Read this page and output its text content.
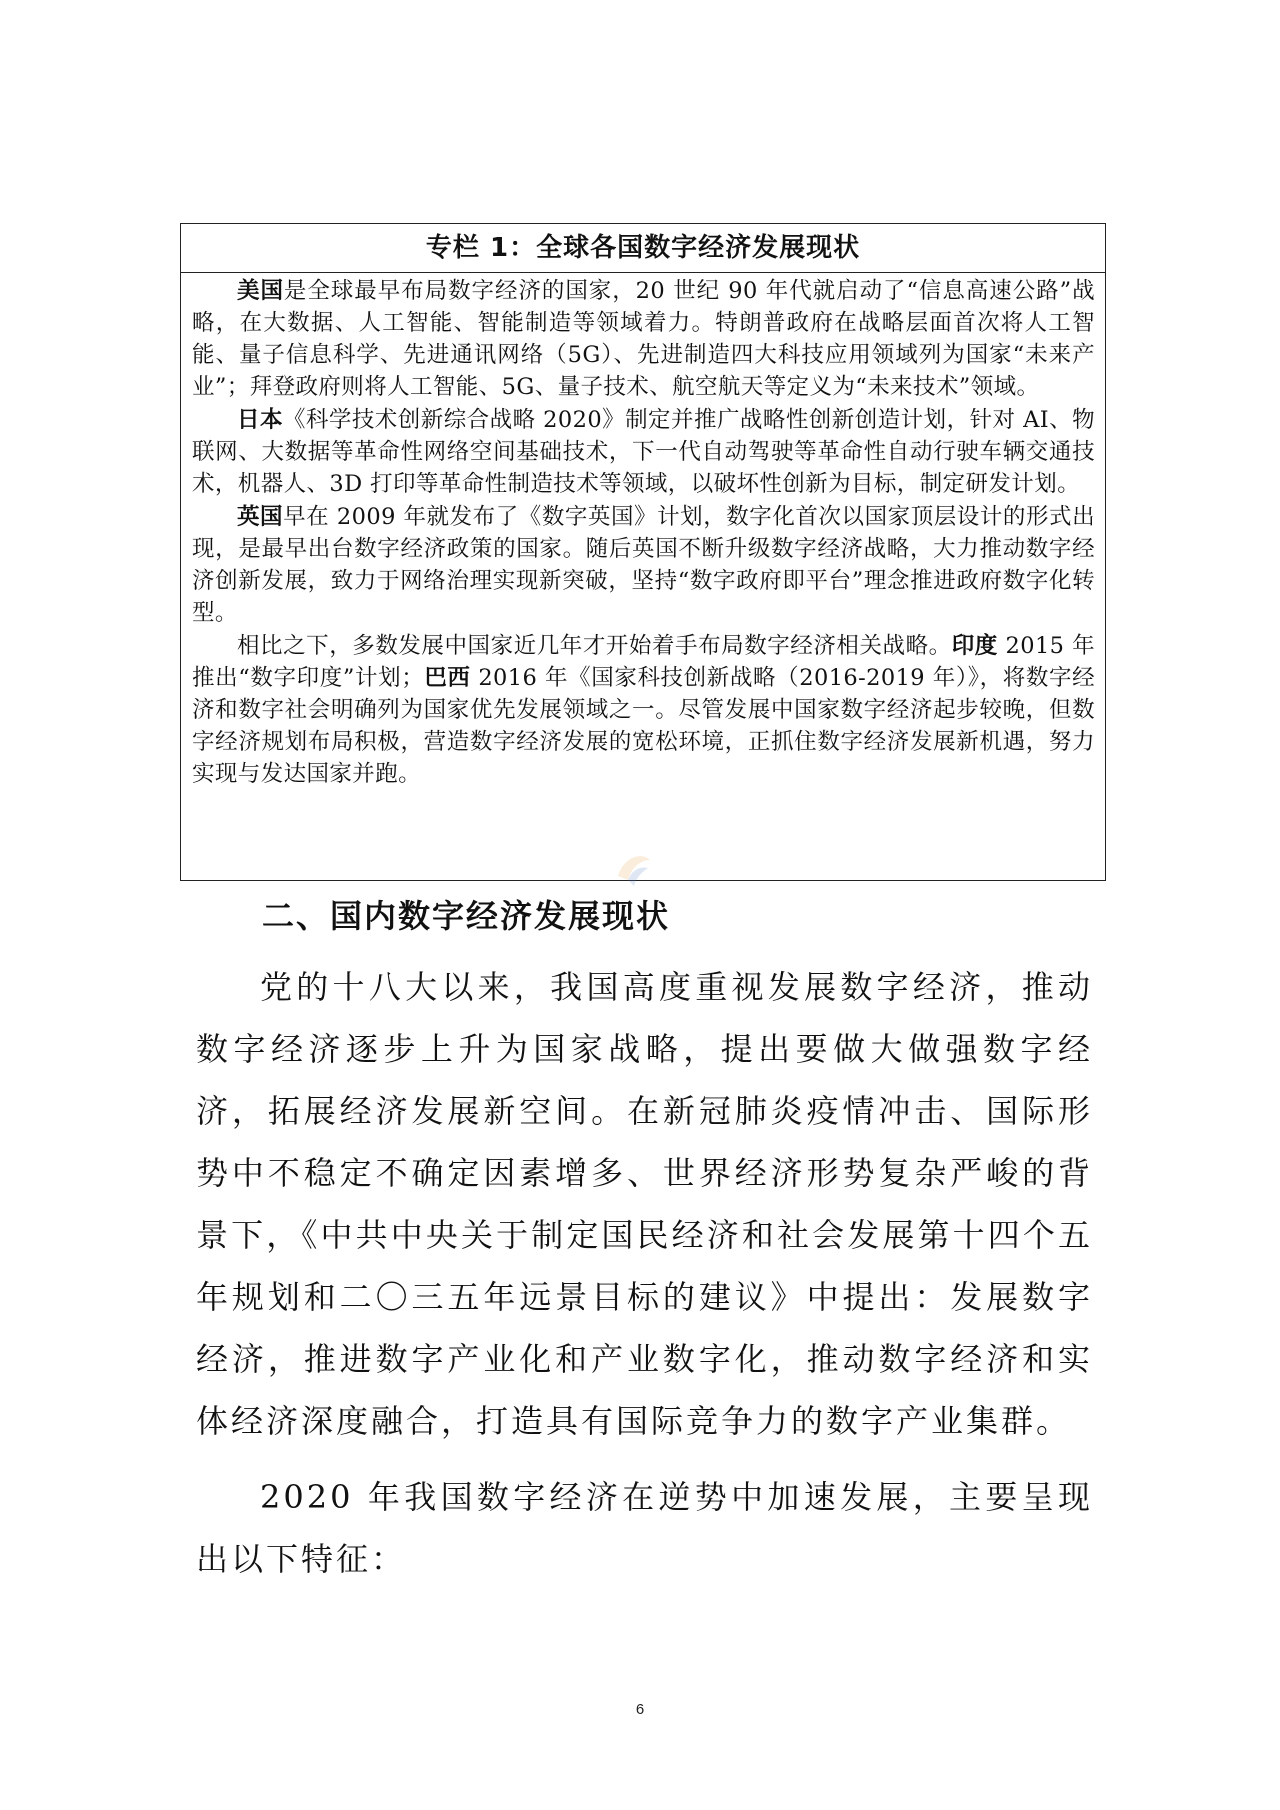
专栏 1：全球各国数字经济发展现状

美国是全球最早布局数字经济的国家，20 世纪 90 年代就启动了“信息高速公路”战略，在大数据、人工智能、智能制造等领域着力。特朗普政府在战略层面首次将人工智能、量子信息科学、先进通讯网络（5G）、先进制造四大科技应用领域列为国家“未来产业”；拜登政府则将人工智能、5G、量子技术、航空航天等定义为“未来技术”领域。

日本《科学技术创新综合战略 2020》制定并推广战略性创新创造计划，针对 AI、物联网、大数据等革命性网络空间基础技术，下一代自动驾驶等革命性自动行驶车辆交通技术，机器人、3D 打印等革命性制造技术等领域，以破坏性创新为目标，制定研发计划。

英国早在 2009 年就发布了《数字英国》计划，数字化首次以国家顶层设计的形式出现，是最早出台数字经济政策的国家。随后英国不断升级数字经济战略，大力推动数字经济创新发展，致力于网络治理实现新突破，坚持“数字政府即平台”理念推进政府数字化转型。

相比之下，多数发展中国家近几年才开始着手布局数字经济相关战略。印度 2015 年推出“数字印度”计划；巴西 2016 年《国家科技创新战略（2016-2019 年）》，将数字经济和数字社会明确列为国家优先发展领域之一。尽管发展中国家数字经济起步较晚，但数字经济规划布局积极，营造数字经济发展的宽松环境，正抓住数字经济发展新机遇，努力实现与发达国家并跑。

二、国内数字经济发展现状

党的十八大以来，我国高度重视发展数字经济，推动数字经济逐步上升为国家战略，提出要做大做强数字经济，拓展经济发展新空间。在新冠肺炎疫情冲击、国际形势中不稳定不确定因素增多、世界经济形势复杂严峻的背景下，《中共中央关于制定国民经济和社会发展第十四个五年规划和二〇三五年远景目标的建议》中提出：发展数字经济，推进数字产业化和产业数字化，推动数字经济和实体经济深度融合，打造具有国际竞争力的数字产业集群。

2020 年我国数字经济在逆势中加速发展，主要呈现出以下特征：

6
